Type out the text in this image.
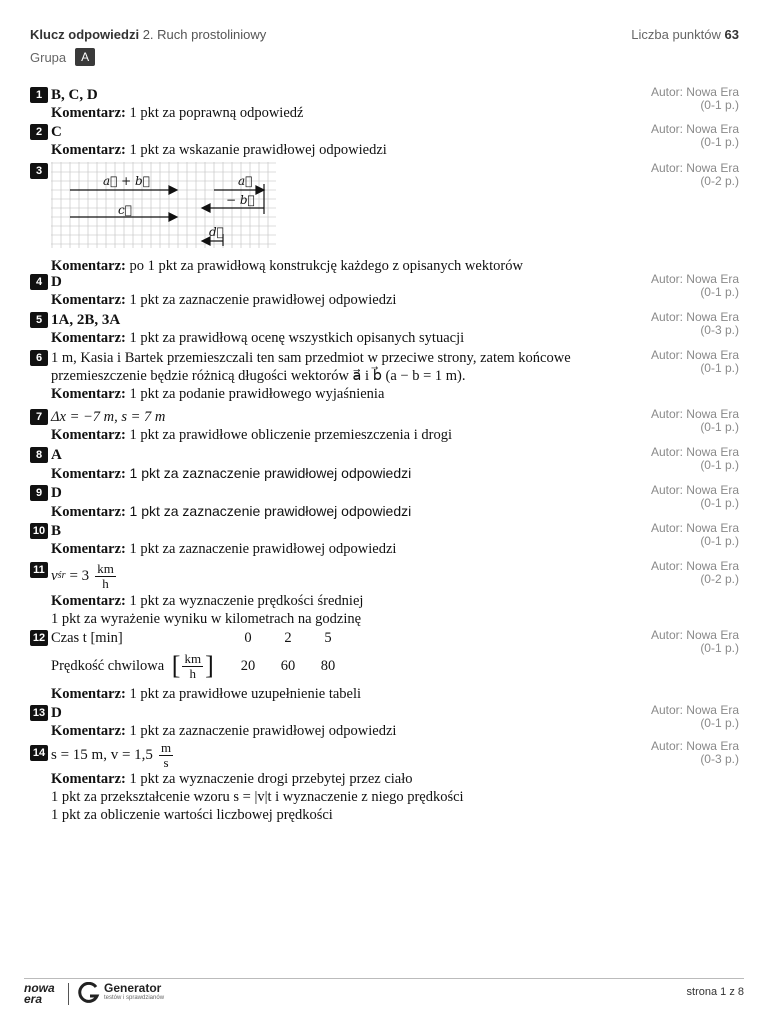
Klucz odpowiedzi 2. Ruch prostoliniowy	Liczba punktów 63
Grupa	A
1	Autor: Nowa Era
(0-1 p.)
B, C, D
Komentarz: 1 pkt za poprawną odpowiedź
2	Autor: Nowa Era
(0-1 p.)
C
Komentarz: 1 pkt za wskazanie prawidłowej odpowiedzi
3	Autor: Nowa Era
(0-2 p.)
a⃗ + b⃗
c⃗
a⃗
− b⃗
d⃗
Komentarz: po 1 pkt za prawidłową konstrukcję każdego z opisanych wektorów
4	Autor: Nowa Era
(0-1 p.)
D
Komentarz: 1 pkt za zaznaczenie prawidłowej odpowiedzi
5	Autor: Nowa Era
(0-3 p.)
1A, 2B, 3A
Komentarz: 1 pkt za prawidłową ocenę wszystkich opisanych sytuacji
6	Autor: Nowa Era
(0-1 p.)
1 m, Kasia i Bartek przemieszczali ten sam przedmiot w przeciwe strony, zatem końcowe
przemieszczenie będzie różnicą długości wektorów a⃗ i b⃗ (a − b = 1 m).
Komentarz: 1 pkt za podanie prawidłowego wyjaśnienia
7	Autor: Nowa Era
(0-1 p.)
Δx = −7 m, s = 7 m
Komentarz: 1 pkt za prawidłowe obliczenie przemieszczenia i drogi
8	Autor: Nowa Era
(0-1 p.)
A
Komentarz: 1 pkt za zaznaczenie prawidłowej odpowiedzi
9	Autor: Nowa Era
(0-1 p.)
D
Komentarz: 1 pkt za zaznaczenie prawidłowej odpowiedzi
10	Autor: Nowa Era
(0-1 p.)
B
Komentarz: 1 pkt za zaznaczenie prawidłowej odpowiedzi
11	Autor: Nowa Era
(0-2 p.)
v śr = $3 \frac{km}{h}$
Komentarz: 1 pkt za wyznaczenie prędkości średniej
1 pkt za wyrażenie wyniku w kilometrach na godzinę
12	Autor: Nowa Era
(0-1 p.)
Czas t [min]	0	2	5
Prędkość chwilowa [ $\frac{km}{h}$ ]	20	60	80
Komentarz: 1 pkt za prawidłowe uzupełnienie tabeli
13	Autor: Nowa Era
(0-1 p.)
D
Komentarz: 1 pkt za zaznaczenie prawidłowej odpowiedzi
14	Autor: Nowa Era
(0-3 p.)
s = 15 m, $v = 1,5 \frac{m}{s}$
Komentarz: 1 pkt za wyznaczenie drogi przebytej przez ciało
1 pkt za przekształcenie wzoru s = |v|t i wyznaczenie z niego prędkości
1 pkt za obliczenie wartości liczbowej prędkości
nowa
era
Generator
testów i sprawdzianów	strona 1 z 8
